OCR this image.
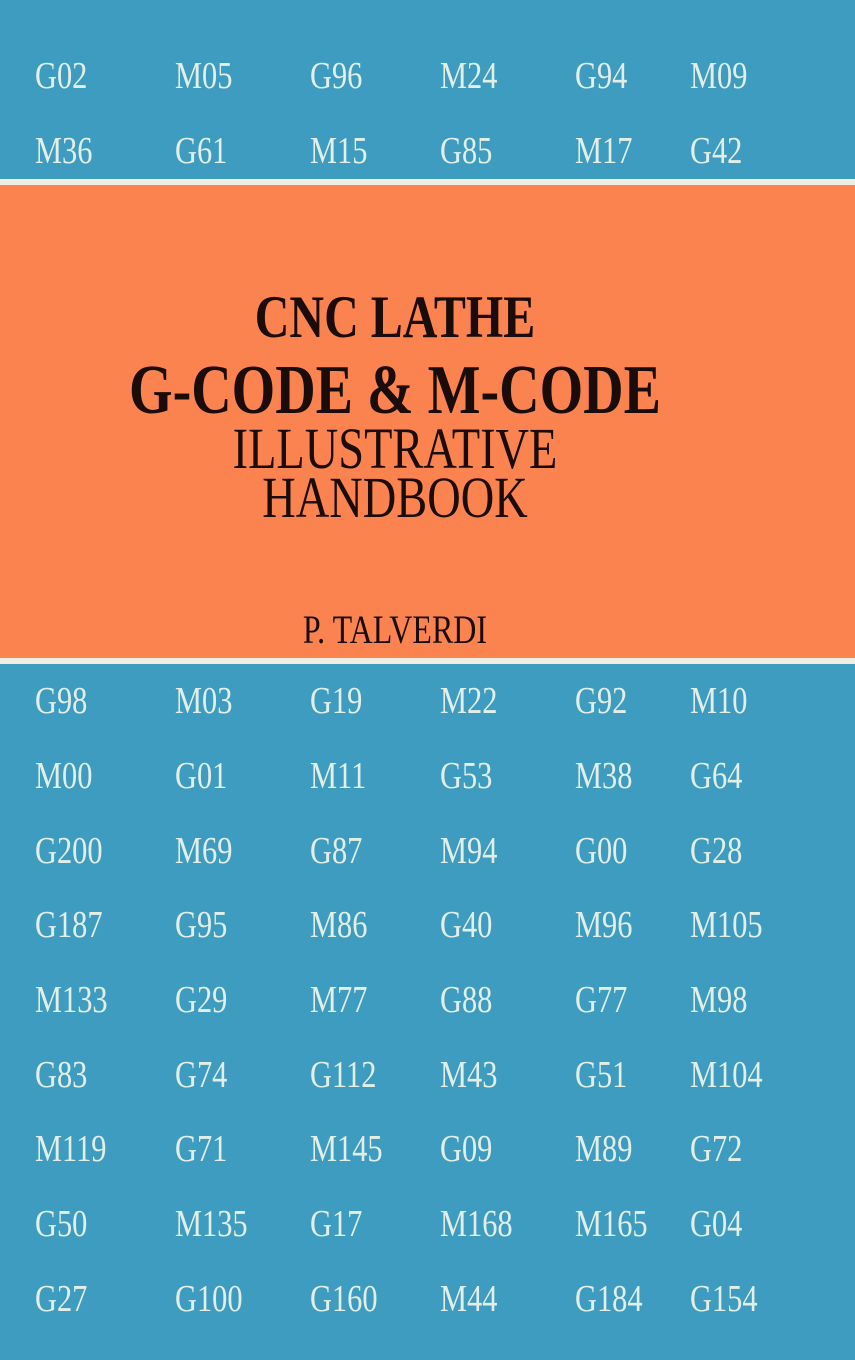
G02	M05	G96	M24	G94	M09
M36	G61	M15	G85	M17	G42
CNC LATHE
G-CODE & M-CODE
ILLUSTRATIVE
HANDBOOK
P. TALVERDI
G98	M03	G19	M22	G92	M10
M00	G01	M11	G53	M38	G64
G200	M69	G87	M94	G00	G28
G187	G95	M86	G40	M96	M105
M133	G29	M77	G88	G77	M98
G83	G74	G112	M43	G51	M104
M119	G71	M145	G09	M89	G72
G50	M135	G17	M168	M165	G04
G27	G100	G160	M44	G184	G154
